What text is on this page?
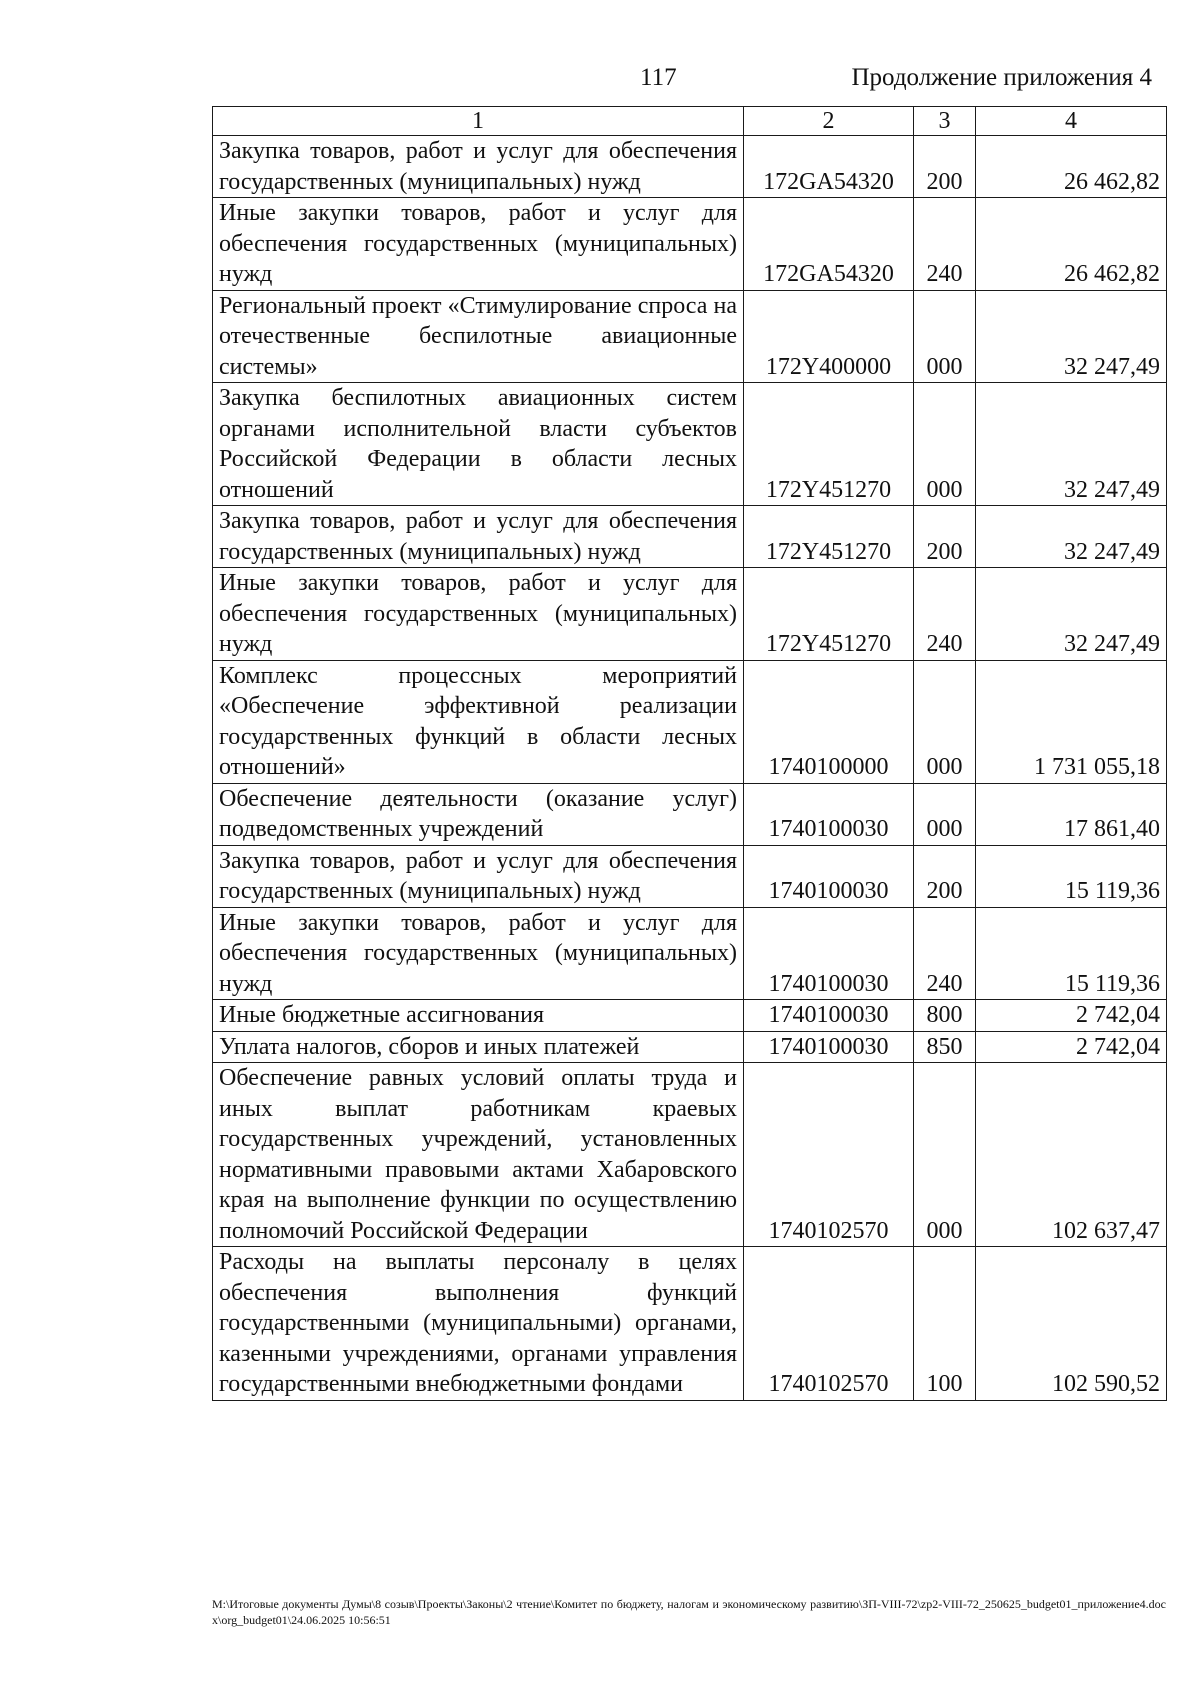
117	Продолжение приложения 4
1	2	3	4
Закупка товаров, работ и услуг для обеспечения государственных (муниципальных) нужд	172GA54320	200	26 462,82
Иные закупки товаров, работ и услуг для обеспечения государственных (муниципальных) нужд	172GA54320	240	26 462,82
Региональный проект «Стимулирование спроса на отечественные беспилотные авиационные системы»	172Y400000	000	32 247,49
Закупка беспилотных авиационных систем органами исполнительной власти субъектов Российской Федерации в области лесных отношений	172Y451270	000	32 247,49
Закупка товаров, работ и услуг для обеспечения государственных (муниципальных) нужд	172Y451270	200	32 247,49
Иные закупки товаров, работ и услуг для обеспечения государственных (муниципальных) нужд	172Y451270	240	32 247,49
Комплекс процессных мероприятий «Обеспечение эффективной реализации государственных функций в области лесных отношений»	1740100000	000	1 731 055,18
Обеспечение деятельности (оказание услуг) подведомственных учреждений	1740100030	000	17 861,40
Закупка товаров, работ и услуг для обеспечения государственных (муниципальных) нужд	1740100030	200	15 119,36
Иные закупки товаров, работ и услуг для обеспечения государственных (муниципальных) нужд	1740100030	240	15 119,36
Иные бюджетные ассигнования	1740100030	800	2 742,04
Уплата налогов, сборов и иных платежей	1740100030	850	2 742,04
Обеспечение равных условий оплаты труда и иных выплат работникам краевых государственных учреждений, установленных нормативными правовыми актами Хабаровского края на выполнение функции по осуществлению полномочий Российской Федерации	1740102570	000	102 637,47
Расходы на выплаты персоналу в целях обеспечения выполнения функций государственными (муниципальными) органами, казенными учреждениями, органами управления государственными внебюджетными фондами	1740102570	100	102 590,52
M:\Итоговые документы Думы\8 созыв\Проекты\Законы\2 чтение\Комитет по бюджету, налогам и экономическому развитию\ЗП-VIII-72\zp2-VIII-72_250625_budget01_приложение4.docx\org_budget01\24.06.2025 10:56:51
